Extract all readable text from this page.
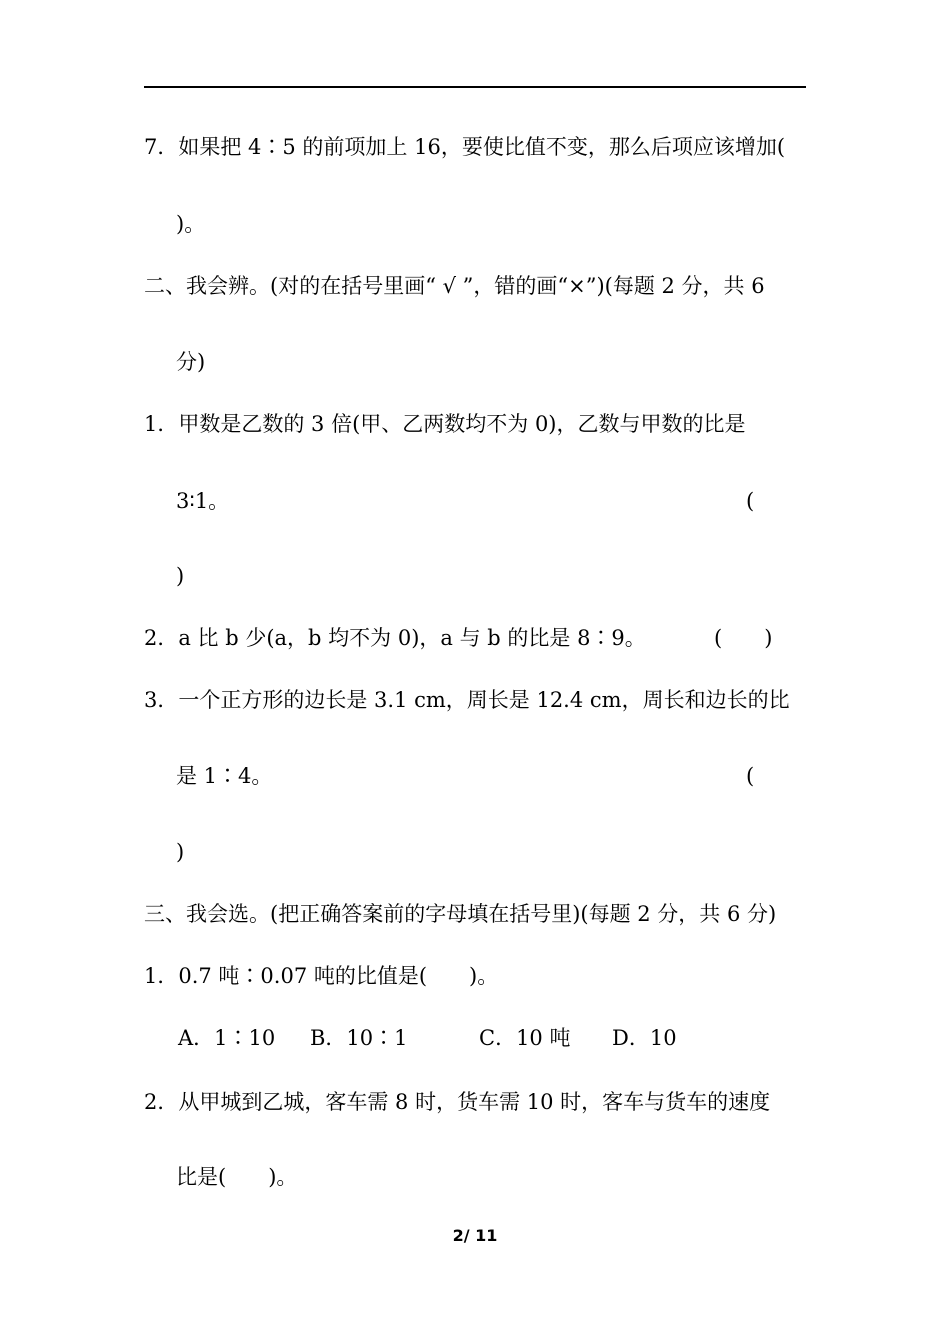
7．如果把 4∶5 的前项加上 16，要使比值不变，那么后项应该增加(
)。
二、我会辨。(对的在括号里画“ √ ”，错的画“×”)(每题 2 分，共 6
分)
1．甲数是乙数的 3 倍(甲、乙两数均不为 0)，乙数与甲数的比是
3∶1。	(
)
2．a 比 b 少(a，b 均不为 0)，a 与 b 的比是 8∶9。	(　　)
3．一个正方形的边长是 3.1 cm，周长是 12.4 cm，周长和边长的比
是 1∶4。	(
)
三、我会选。(把正确答案前的字母填在括号里)(每题 2 分，共 6 分)
1．0.7 吨∶0.07 吨的比值是(　　)。
A．1∶10 B．10∶1	C．10 吨 D．10
2．从甲城到乙城，客车需 8 时，货车需 10 时，客车与货车的速度
比是(　　)。
2/ 11
